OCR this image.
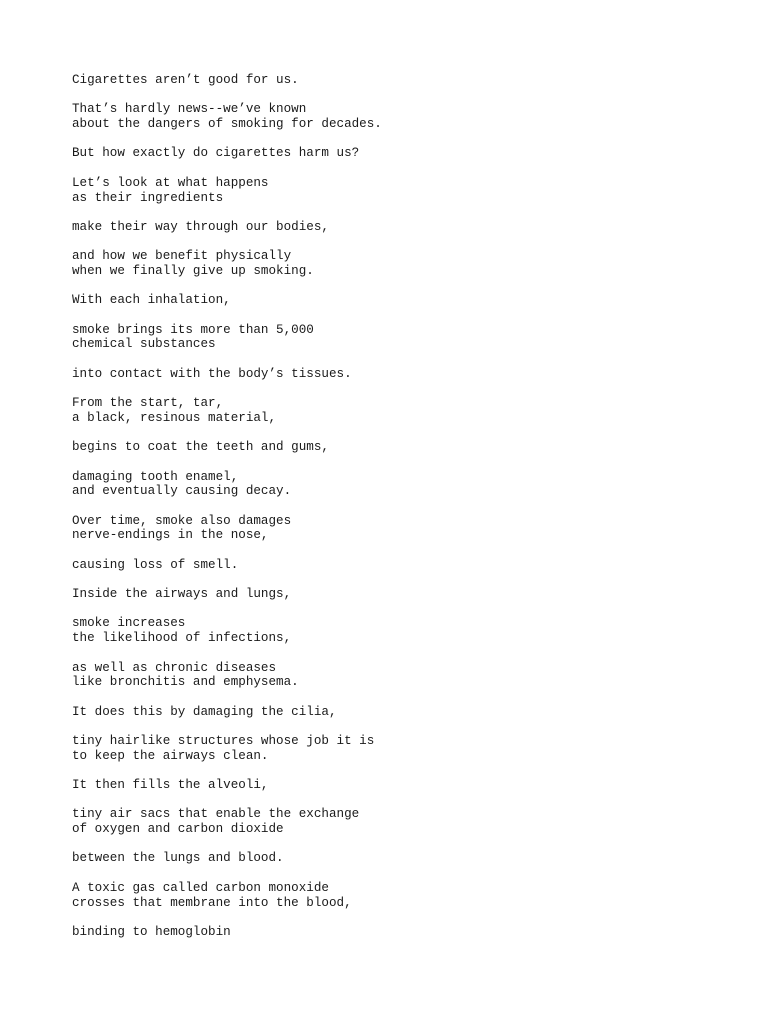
Cigarettes aren’t good for us.
That’s hardly news--we’ve known
about the dangers of smoking for decades.
But how exactly do cigarettes harm us?
Let’s look at what happens
as their ingredients
make their way through our bodies,
and how we benefit physically
when we finally give up smoking.
With each inhalation,
smoke brings its more than 5,000
chemical substances
into contact with the body’s tissues.
From the start, tar,
a black, resinous material,
begins to coat the teeth and gums,
damaging tooth enamel,
and eventually causing decay.
Over time, smoke also damages
nerve-endings in the nose,
causing loss of smell.
Inside the airways and lungs,
smoke increases
the likelihood of infections,
as well as chronic diseases
like bronchitis and emphysema.
It does this by damaging the cilia,
tiny hairlike structures whose job it is
to keep the airways clean.
It then fills the alveoli,
tiny air sacs that enable the exchange
of oxygen and carbon dioxide
between the lungs and blood.
A toxic gas called carbon monoxide
crosses that membrane into the blood,
binding to hemoglobin
